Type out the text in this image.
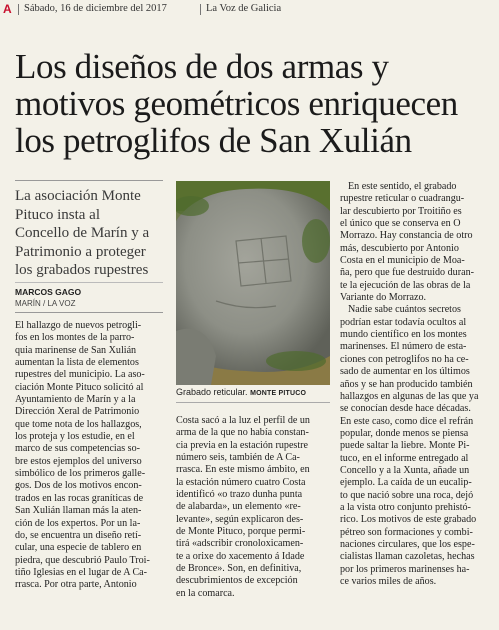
A Sábado, 16 de diciembre del 2017	La Voz de Galicia
Los diseños de dos armas y
motivos geométricos enriquecen
los petroglifos de San Xulián
La asociación Monte
Pituco insta al
Concello de Marín y a
Patrimonio a proteger
los grabados rupestres
MARCOS GAGO
MARÍN / LA VOZ
El hallazgo de nuevos petrogli-
fos en los montes de la parro-
quia marinense de San Xulián
aumentan la lista de elementos
rupestres del municipio. La aso-
ciación Monte Pituco solicitó al
Ayuntamiento de Marín y a la
Dirección Xeral de Patrimonio
que tome nota de los hallazgos,
los proteja y los estudie, en el
marco de sus competencias so-
bre estos ejemplos del universo
simbólico de los primeros galle-
gos. Dos de los motivos encon-
trados en las rocas graníticas de
San Xulián llaman más la aten-
ción de los expertos. Por un la-
do, se encuentra un diseño retí-
cular, una especie de tablero en
piedra, que descubrió Paulo Troi-
tiño Iglesias en el lugar de A Ca-
rrasca. Por otra parte, Antonio
Grabado reticular. MONTE PITUCO
Costa sacó a la luz el perfil de un
arma de la que no había constan-
cia previa en la estación rupestre
número seis, también de A Ca-
rrasca. En este mismo ámbito, en
la estación número cuatro Costa
identificó «o trazo dunha punta
de alabarda», un elemento «re-
levante», según explicaron des-
de Monte Pituco, porque permi-
tirá «adscribir cronoloxicamen-
te a orixe do xacemento á Idade
de Bronce». Son, en definitiva,
descubrimientos de excepción
en la comarca.
En este sentido, el grabado
rupestre reticular o cuadrangu-
lar descubierto por Troitiño es
el único que se conserva en O
Morrazo. Hay constancia de otro
más, descubierto por Antonio
Costa en el municipio de Moa-
ña, pero que fue destruido duran-
te la ejecución de las obras de la
Variante do Morrazo.
Nadie sabe cuántos secretos
podrían estar todavía ocultos al
mundo científico en los montes
marinenses. El número de esta-
ciones con petroglifos no ha ce-
sado de aumentar en los últimos
años y se han producido también
hallazgos en algunas de las que ya
se conocían desde hace décadas.
En este caso, como dice el refrán
popular, donde menos se piensa
puede saltar la liebre. Monte Pi-
tuco, en el informe entregado al
Concello y a la Xunta, añade un
ejemplo. La caída de un eucalip-
to que nació sobre una roca, dejó
a la vista otro conjunto prehistó-
rico. Los motivos de este grabado
pétreo son formaciones y combi-
naciones circulares, que los espe-
cialistas llaman cazoletas, hechas
por los primeros marinenses ha-
ce varios miles de años.
